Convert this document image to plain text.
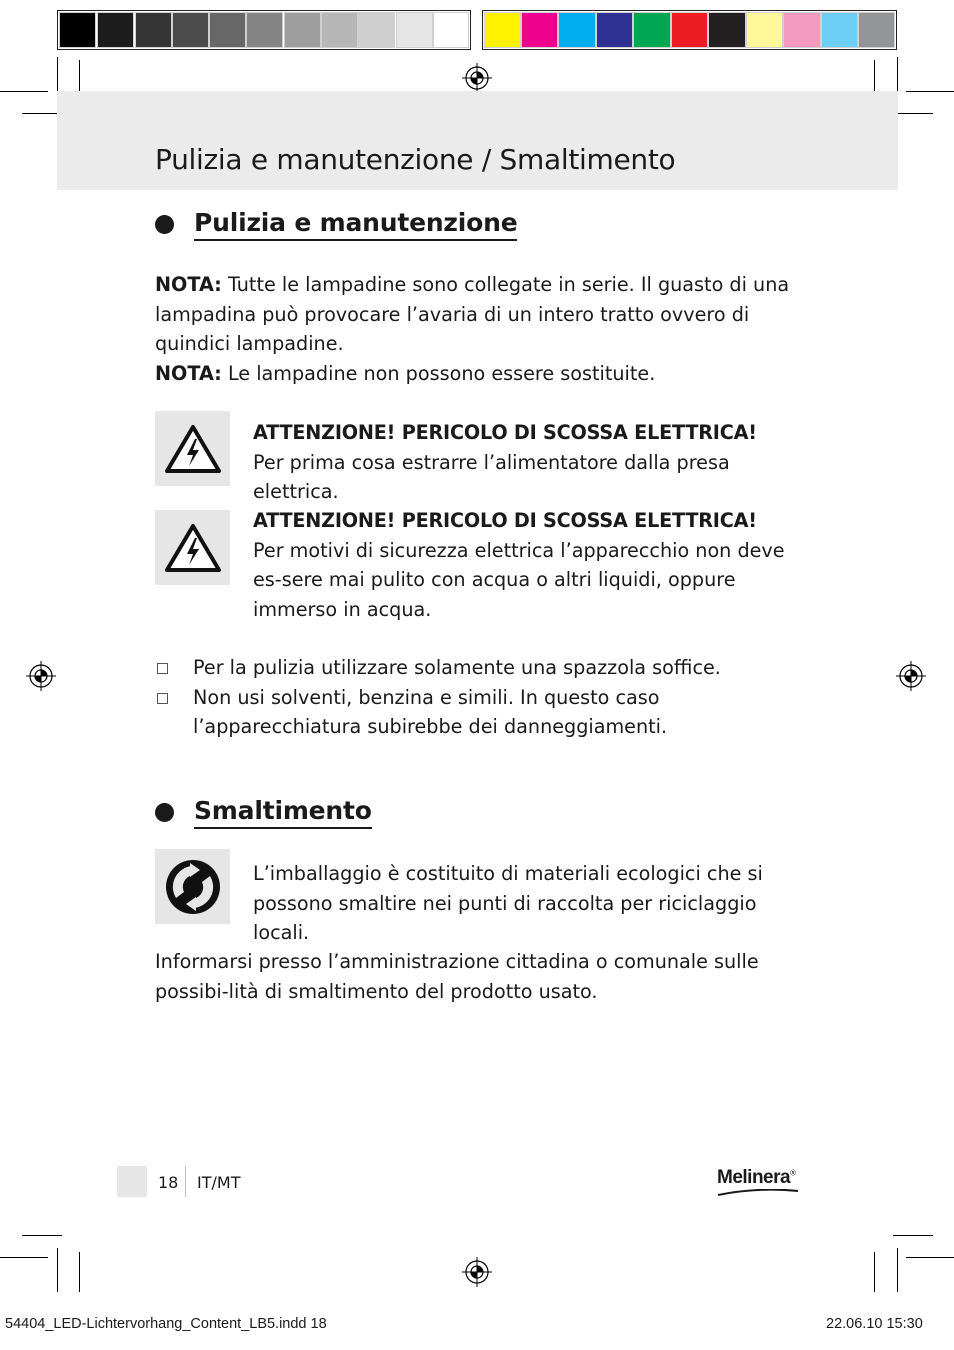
Pulizia e manutenzione / Smaltimento
Pulizia e manutenzione
NOTA: Tutte le lampadine sono collegate in serie. Il guasto di una lampadina può provocare l’avaria di un intero tratto ovvero di quindici lampadine.
NOTA: Le lampadine non possono essere sostituite.
ATTENZIONE! PERICOLO DI SCOSSA ELETTRICA!
Per prima cosa estrarre l’alimentatore dalla presa elettrica.
ATTENZIONE! PERICOLO DI SCOSSA ELETTRICA!
Per motivi di sicurezza elettrica l’apparecchio non deve es-sere mai pulito con acqua o altri liquidi, oppure immerso in acqua.
Per la pulizia utilizzare solamente una spazzola soffice.
Non usi solventi, benzina e simili. In questo caso l’apparecchiatura subirebbe dei danneggiamenti.
Smaltimento
L’imballaggio è costituito di materiali ecologici che si possono smaltire nei punti di raccolta per riciclaggio locali.
Informarsi presso l’amministrazione cittadina o comunale sulle possibi-lità di smaltimento del prodotto usato.
18 IT/MT	Melinera®
54404_LED-Lichtervorhang_Content_LB5.indd 18	22.06.10 15:30
